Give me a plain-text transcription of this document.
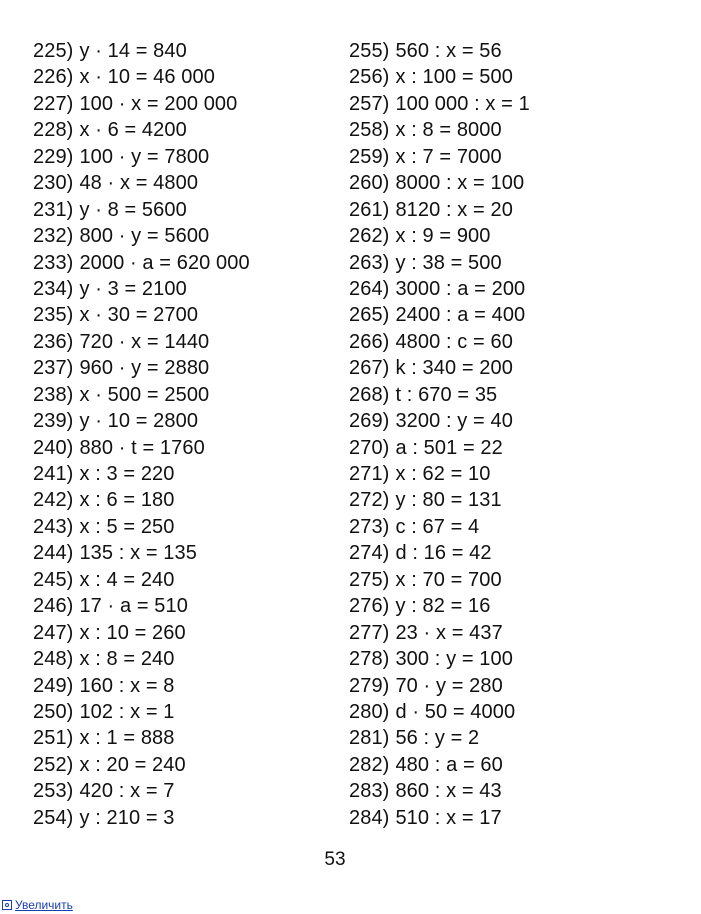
225) y · 14 = 840
226) x · 10 = 46 000
227) 100 · x = 200 000
228) x · 6 = 4200
229) 100 · y = 7800
230) 48 · x = 4800
231) y · 8 = 5600
232) 800 · y = 5600
233) 2000 · a = 620 000
234) y · 3 = 2100
235) x · 30 = 2700
236) 720 · x = 1440
237) 960 · y = 2880
238) x · 500 = 2500
239) y · 10 = 2800
240) 880 · t = 1760
241) x : 3 = 220
242) x : 6 = 180
243) x : 5 = 250
244) 135 : x = 135
245) x : 4 = 240
246) 17 · a = 510
247) x : 10 = 260
248) x : 8 = 240
249) 160 : x = 8
250) 102 : x = 1
251) x : 1 = 888
252) x : 20 = 240
253) 420 : x = 7
254) y : 210 = 3
255) 560 : x = 56
256) x : 100 = 500
257) 100 000 : x = 1
258) x : 8 = 8000
259) x : 7 = 7000
260) 8000 : x = 100
261) 8120 : x = 20
262) x : 9 = 900
263) y : 38 = 500
264) 3000 : a = 200
265) 2400 : a = 400
266) 4800 : c = 60
267) k : 340 = 200
268) t : 670 = 35
269) 3200 : y = 40
270) a : 501 = 22
271) x : 62 = 10
272) y : 80 = 131
273) c : 67 = 4
274) d : 16 = 42
275) x : 70 = 700
276) y : 82 = 16
277) 23 · x = 437
278) 300 : y = 100
279) 70 · y = 280
280) d · 50 = 4000
281) 56 : y = 2
282) 480 : a = 60
283) 860 : x = 43
284) 510 : x = 17
53
Увеличить
